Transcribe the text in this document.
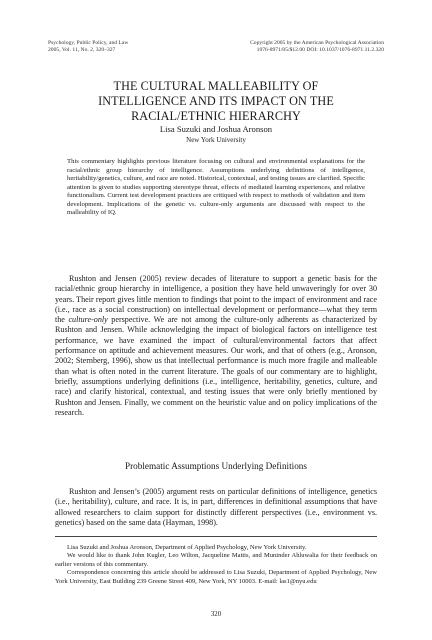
Psychology, Public Policy, and Law
2005, Vol. 11, No. 2, 320–327
Copyright 2005 by the American Psychological Association
1076-8971/05/$12.00 DOI: 10.1037/1076-8971.11.2.320
THE CULTURAL MALLEABILITY OF
INTELLIGENCE AND ITS IMPACT ON THE
RACIAL/ETHNIC HIERARCHY
Lisa Suzuki and Joshua Aronson
New York University

This commentary highlights previous literature focusing on cultural and environmental explanations for the racial/ethnic group hierarchy of intelligence. Assumptions underlying definitions of intelligence, heritability/genetics, culture, and race are noted. Historical, contextual, and testing issues are clarified. Specific attention is given to studies supporting stereotype threat, effects of mediated learning experiences, and relative functionalism. Current test development practices are critiqued with respect to methods of validation and item development. Implications of the genetic vs. culture-only arguments are discussed with respect to the malleability of IQ.

Rushton and Jensen (2005) review decades of literature to support a genetic basis for the racial/ethnic group hierarchy in intelligence, a position they have held unwaveringly for over 30 years. Their report gives little mention to findings that point to the impact of environment and race (i.e., race as a social construction) on intellectual development or performance—what they term the culture-only perspective. We are not among the culture-only adherents as characterized by Rushton and Jensen. While acknowledging the impact of biological factors on intelligence test performance, we have examined the impact of cultural/environmental factors that affect performance on aptitude and achievement measures. Our work, and that of others (e.g., Aronson, 2002; Sternberg, 1996), show us that intellectual performance is much more fragile and malleable than what is often noted in the current literature. The goals of our commentary are to highlight, briefly, assumptions underlying definitions (i.e., intelligence, heritability, genetics, culture, and race) and clarify historical, contextual, and testing issues that were only briefly mentioned by Rushton and Jensen. Finally, we comment on the heuristic value and on policy implications of the research.

Problematic Assumptions Underlying Definitions

Rushton and Jensen’s (2005) argument rests on particular definitions of intelligence, genetics (i.e., heritability), culture, and race. It is, in part, differences in definitional assumptions that have allowed researchers to claim support for distinctly different perspectives (i.e., environment vs. genetics) based on the same data (Hayman, 1998).

Lisa Suzuki and Joshua Aronson, Department of Applied Psychology, New York University.

We would like to thank John Kugler, Leo Wilton, Jacqueline Mattis, and Muninder Ahluwalia for their feedback on earlier versions of this commentary.

Correspondence concerning this article should be addressed to Lisa Suzuki, Department of Applied Psychology, New York University, East Building 239 Greene Street 409, New York, NY 10003. E-mail: las1@nyu.edu

320
